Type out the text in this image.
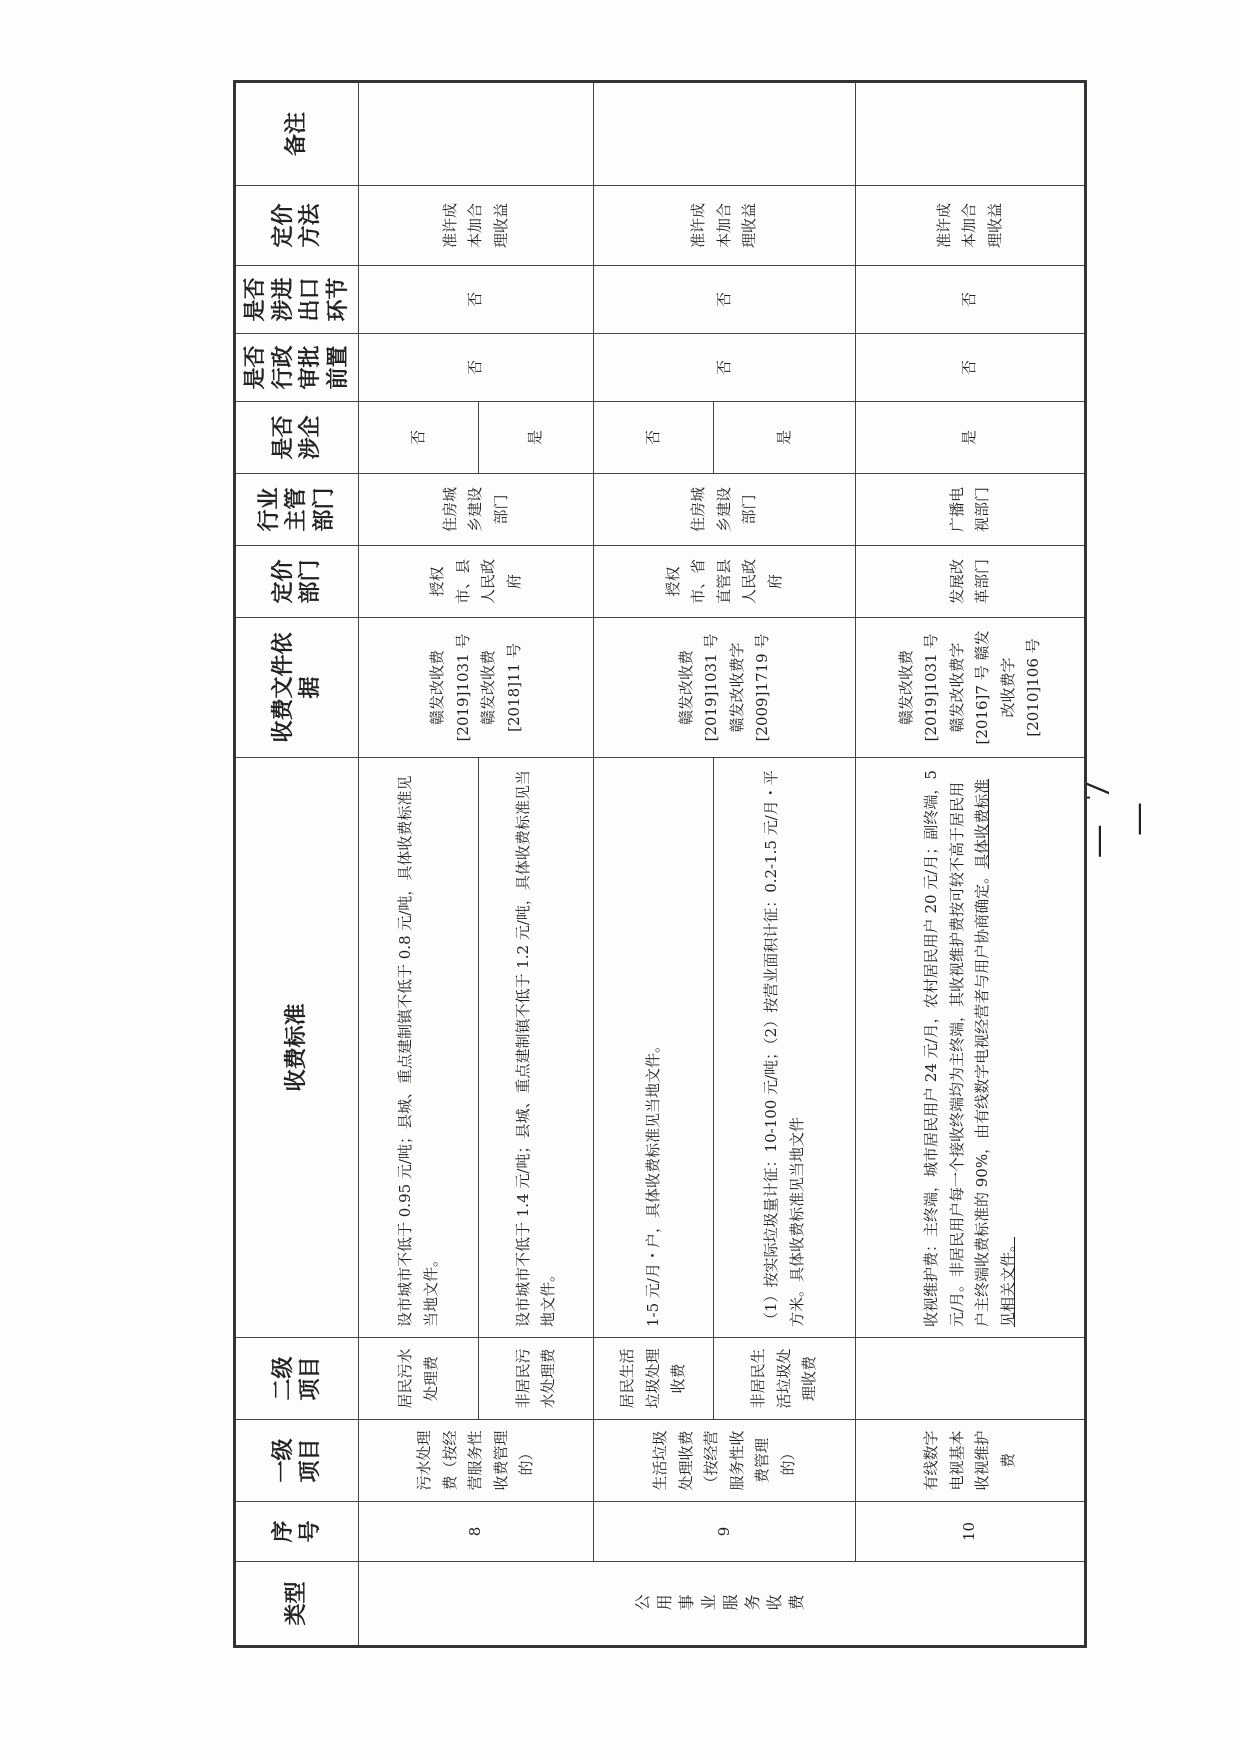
类型	序号	一级项目	二级项目	收费标准	收费文件依据	定价部门	行业主管部门	是否涉企	是否行政审批前置	是否涉进出口环节	定价方法	备注
公用事业服务收费	8	污水处理费（按经营服务性收费管理的）	居民污水处理费	设市城市不低于 0.95 元/吨；县城、重点建制镇不低于 0.8 元/吨，具体收费标准见当地文件。	赣发改收费[2019]1031 号 赣发改收费[2018]11 号	授权市、县人民政府	住房城乡建设部门	否	否	否	准许成本加合理收益	
			非居民污水处理费	设市城市不低于 1.4 元/吨；县城、重点建制镇不低于 1.2 元/吨，具体收费标准见当地文件。				是				
	9	生活垃圾处理收费（按经营服务性收费管理的）	居民生活垃圾处理收费	1-5 元/月・户，具体收费标准见当地文件。	赣发改收费[2019]1031 号 赣发改收费字[2009]1719 号	授权市、省直管县人民政府	住房城乡建设部门	否	否	否	准许成本加合理收益	
			非居民生活垃圾处理收费	（1）按实际垃圾量计征：10-100 元/吨；（2）按营业面积计征：0.2-1.5 元/月・平方米。具体收费标准见当地文件				是				
	10	有线数字电视基本收视维护费		收视维护费：主终端，城市居民用户 24 元/月，农村居民用户 20 元/月；副终端，5 元/月。非居民用户每一个接收终端均为主终端，其收视维护费按可较不高于居民用户主终端收费标准的 90%，由有线数字电视经营者与用户协商确定。具体收费标准见相关文件。	赣发改收费[2019]1031 号 赣发改收费字[2016]7 号 赣发改收费字[2010]106 号	发展改革部门	广播电视部门	是	否	否	准许成本加合理收益	
— 7 —
